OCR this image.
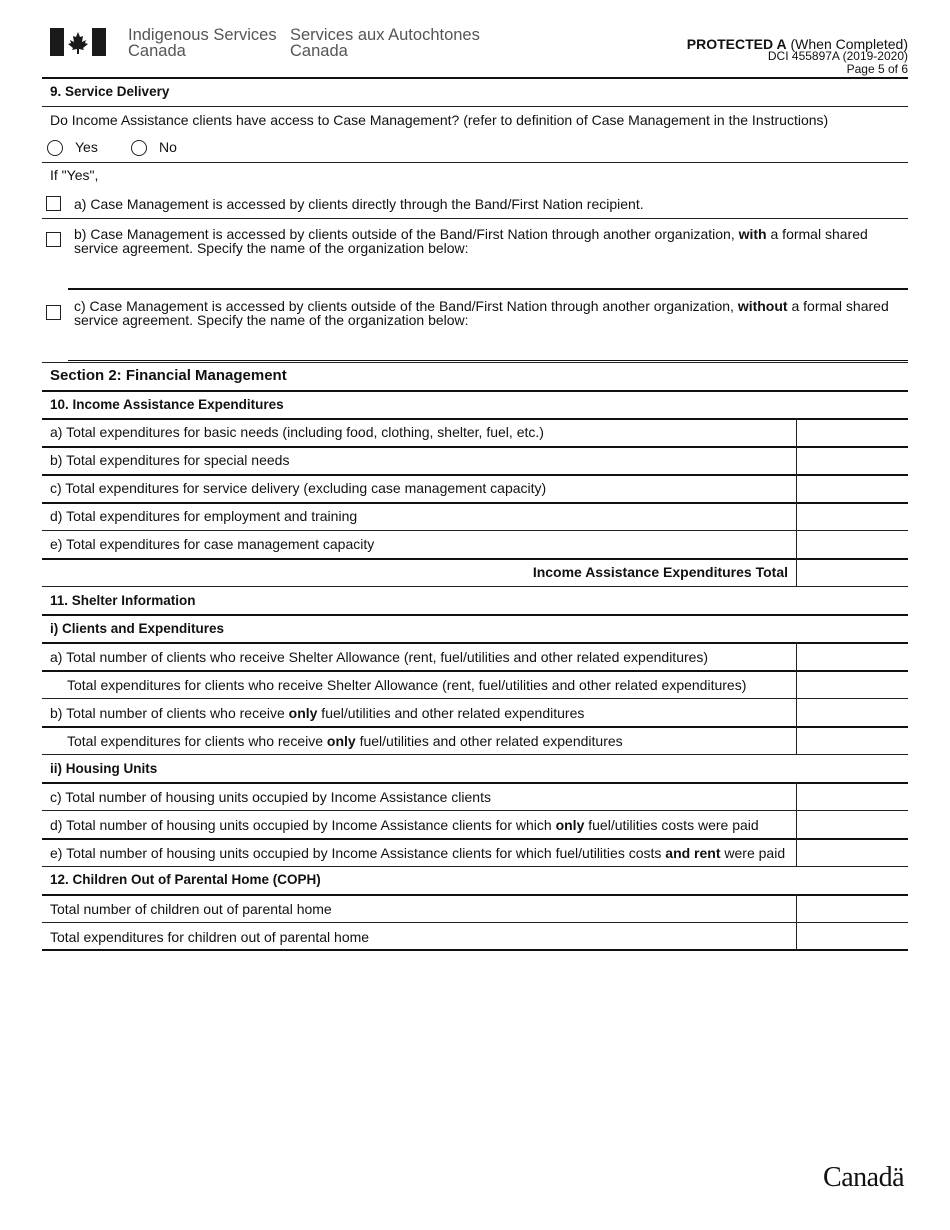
Indigenous Services
Canada
Services aux Autochtones
Canada	PROTECTED A (When Completed)
DCI 455897A (2019-2020)
Page 5 of 6
9. Service Delivery
Do Income Assistance clients have access to Case Management? (refer to definition of Case Management in the Instructions)
Yes	No
If "Yes",
a) Case Management is accessed by clients directly through the Band/First Nation recipient.
b) Case Management is accessed by clients outside of the Band/First Nation through another organization, with a formal shared service agreement. Specify the name of the organization below:
c) Case Management is accessed by clients outside of the Band/First Nation through another organization, without a formal shared service agreement. Specify the name of the organization below:
Section 2: Financial Management
10. Income Assistance Expenditures
a) Total expenditures for basic needs (including food, clothing, shelter, fuel, etc.)
b) Total expenditures for special needs
c) Total expenditures for service delivery (excluding case management capacity)
d) Total expenditures for employment and training
e) Total expenditures for case management capacity
Income Assistance Expenditures Total
11. Shelter Information
i) Clients and Expenditures
a) Total number of clients who receive Shelter Allowance (rent, fuel/utilities and other related expenditures)
Total expenditures for clients who receive Shelter Allowance (rent, fuel/utilities and other related expenditures)
b) Total number of clients who receive only fuel/utilities and other related expenditures
Total expenditures for clients who receive only fuel/utilities and other related expenditures
ii) Housing Units
c) Total number of housing units occupied by Income Assistance clients
d) Total number of housing units occupied by Income Assistance clients for which only fuel/utilities costs were paid
e) Total number of housing units occupied by Income Assistance clients for which fuel/utilities costs and rent were paid
12. Children Out of Parental Home (COPH)
Total number of children out of parental home
Total expenditures for children out of parental home
Canadä
